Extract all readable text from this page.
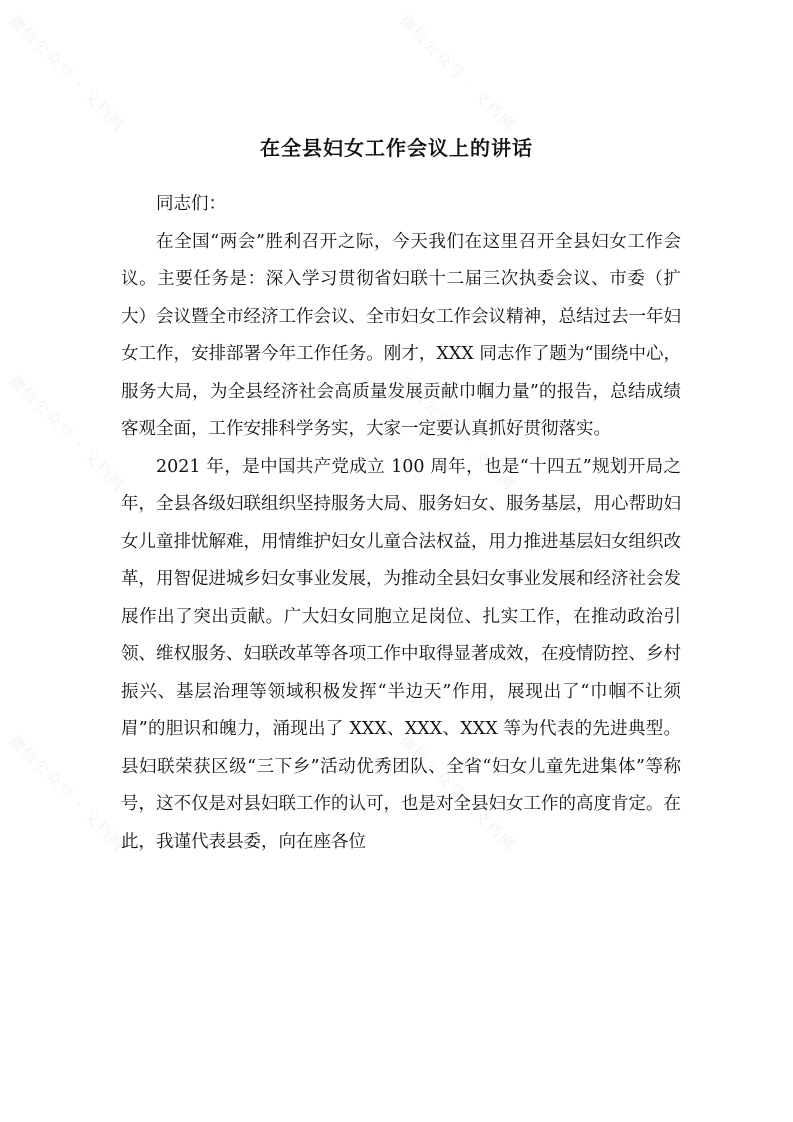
微信公众号 · 文档网	微信公众号 · 文档网
微信公众号 · 文档网	微信公众号 · 文档网
微信公众号 · 文档网	微信公众号 · 文档网
在全县妇女工作会议上的讲话

同志们：

在全国“两会”胜利召开之际，今天我们在这里召开全县妇女工作会议。主要任务是：深入学习贯彻省妇联十二届三次执委会议、市委（扩大）会议暨全市经济工作会议、全市妇女工作会议精神，总结过去一年妇女工作，安排部署今年工作任务。刚才，XXX 同志作了题为“围绕中心，服务大局，为全县经济社会高质量发展贡献巾帼力量”的报告，总结成绩客观全面，工作安排科学务实，大家一定要认真抓好贯彻落实。

2021 年，是中国共产党成立 100 周年，也是“十四五”规划开局之年，全县各级妇联组织坚持服务大局、服务妇女、服务基层，用心帮助妇女儿童排忧解难，用情维护妇女儿童合法权益，用力推进基层妇女组织改革，用智促进城乡妇女事业发展，为推动全县妇女事业发展和经济社会发展作出了突出贡献。广大妇女同胞立足岗位、扎实工作，在推动政治引领、维权服务、妇联改革等各项工作中取得显著成效，在疫情防控、乡村振兴、基层治理等领域积极发挥“半边天”作用，展现出了“巾帼不让须眉”的胆识和魄力，涌现出了 XXX、XXX、XXX 等为代表的先进典型。县妇联荣获区级“三下乡”活动优秀团队、全省“妇女儿童先进集体”等称号，这不仅是对县妇联工作的认可，也是对全县妇女工作的高度肯定。在此，我谨代表县委，向在座各位
